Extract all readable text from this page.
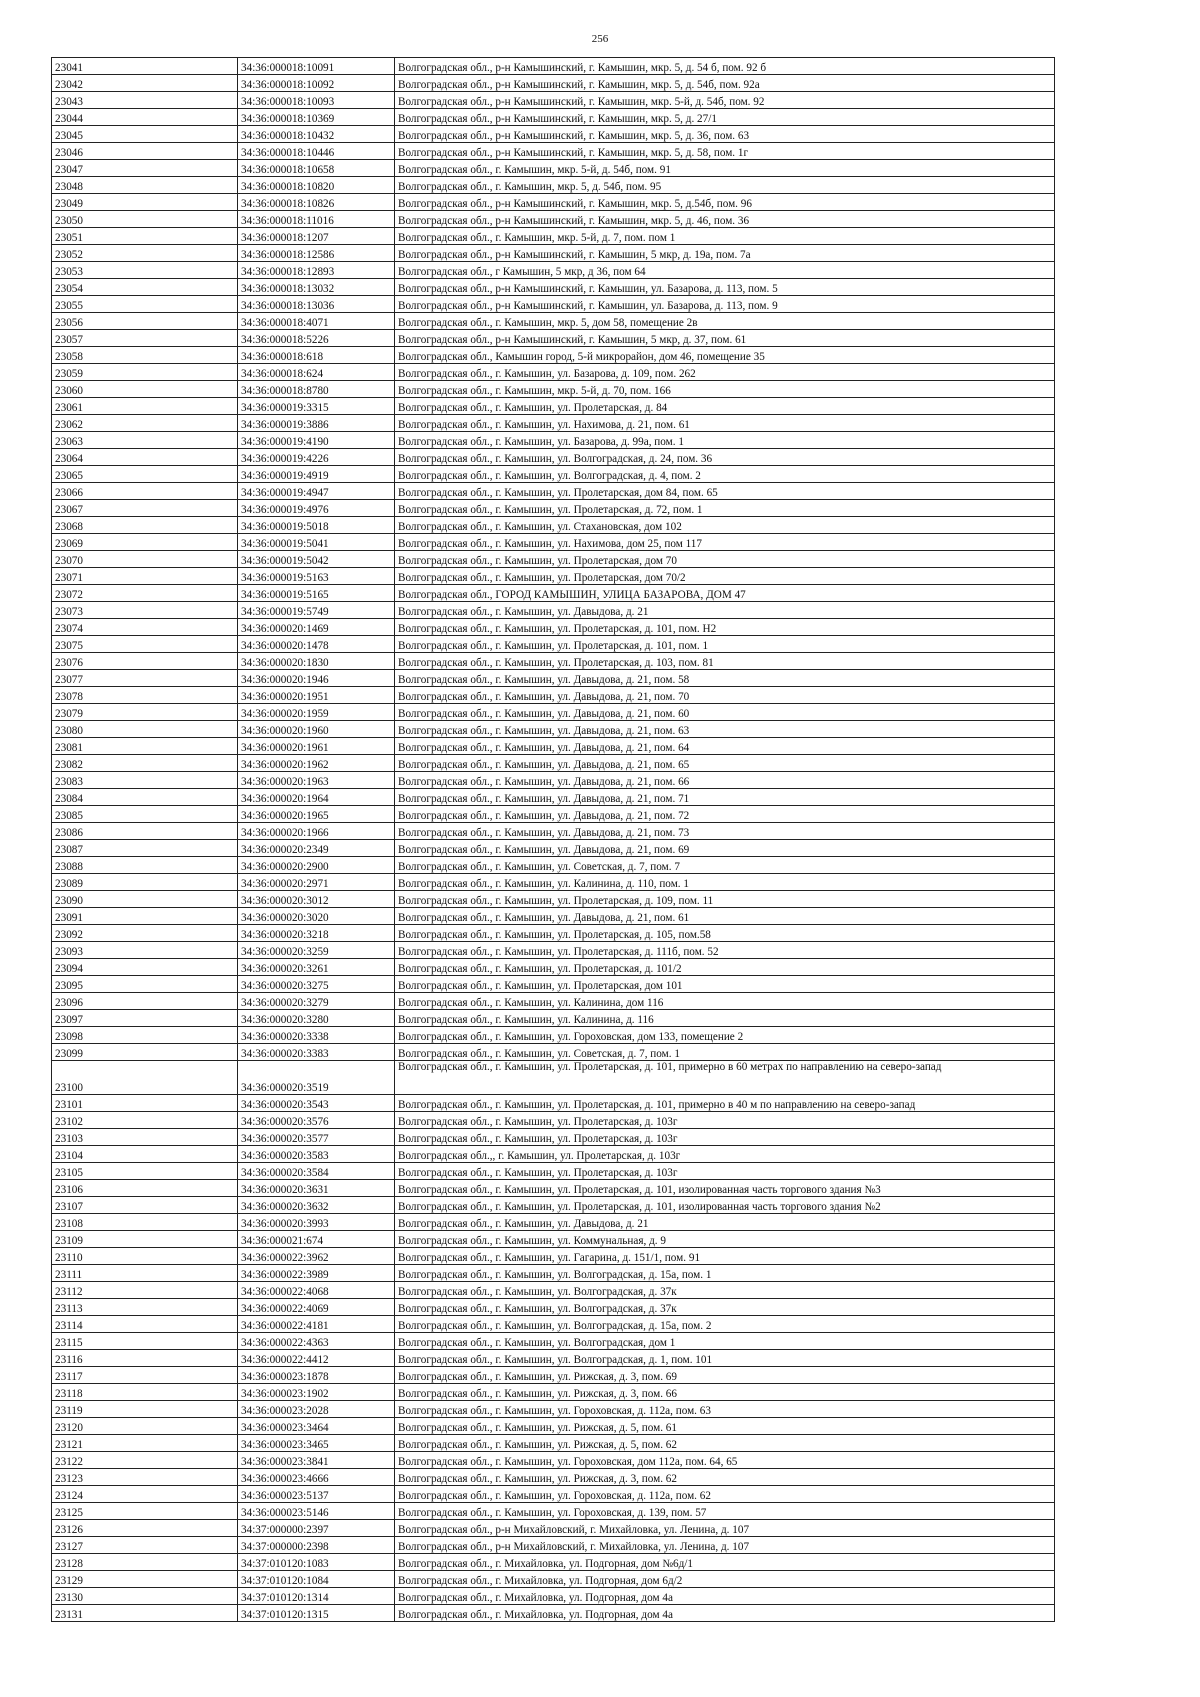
256
23041	34:36:000018:10091	Волгоградская обл., р-н Камышинский, г. Камышин, мкр. 5, д. 54 б, пом. 92 б
23042	34:36:000018:10092	Волгоградская обл., р-н Камышинский, г. Камышин, мкр. 5, д. 54б, пом. 92а
23043	34:36:000018:10093	Волгоградская обл., р-н Камышинский, г. Камышин, мкр. 5-й, д. 54б, пом. 92
23044	34:36:000018:10369	Волгоградская обл., р-н Камышинский, г. Камышин, мкр. 5, д. 27/1
23045	34:36:000018:10432	Волгоградская обл., р-н Камышинский, г. Камышин, мкр. 5, д. 36, пом. 63
23046	34:36:000018:10446	Волгоградская обл., р-н Камышинский, г. Камышин, мкр. 5, д. 58, пом. 1г
23047	34:36:000018:10658	Волгоградская обл., г. Камышин, мкр. 5-й, д. 54б, пом. 91
23048	34:36:000018:10820	Волгоградская обл., г. Камышин, мкр. 5, д. 54б, пом. 95
23049	34:36:000018:10826	Волгоградская обл., р-н Камышинский, г. Камышин, мкр. 5, д.54б, пом. 96
23050	34:36:000018:11016	Волгоградская обл., р-н Камышинский, г. Камышин, мкр. 5, д. 46, пом. 36
23051	34:36:000018:1207	Волгоградская обл., г. Камышин, мкр. 5-й, д. 7, пом. пом 1
23052	34:36:000018:12586	Волгоградская обл., р-н Камышинский, г. Камышин, 5 мкр, д. 19а, пом. 7а
23053	34:36:000018:12893	Волгоградская обл., г Камышин, 5 мкр, д 36, пом 64
23054	34:36:000018:13032	Волгоградская обл., р-н Камышинский, г. Камышин, ул. Базарова, д. 113, пом. 5
23055	34:36:000018:13036	Волгоградская обл., р-н Камышинский, г. Камышин, ул. Базарова, д. 113, пом. 9
23056	34:36:000018:4071	Волгоградская обл., г. Камышин, мкр. 5, дом 58, помещение 2в
23057	34:36:000018:5226	Волгоградская обл., р-н Камышинский, г. Камышин, 5 мкр, д. 37, пом. 61
23058	34:36:000018:618	Волгоградская обл., Камышин город, 5-й микрорайон, дом 46, помещение 35
23059	34:36:000018:624	Волгоградская обл., г. Камышин, ул. Базарова, д. 109, пом. 262
23060	34:36:000018:8780	Волгоградская обл., г. Камышин, мкр. 5-й, д. 70, пом. 166
23061	34:36:000019:3315	Волгоградская обл., г. Камышин, ул. Пролетарская, д. 84
23062	34:36:000019:3886	Волгоградская обл., г. Камышин, ул. Нахимова, д. 21, пом. 61
23063	34:36:000019:4190	Волгоградская обл., г. Камышин, ул. Базарова, д. 99а, пом. 1
23064	34:36:000019:4226	Волгоградская обл., г. Камышин, ул. Волгоградская, д. 24, пом. 36
23065	34:36:000019:4919	Волгоградская обл., г. Камышин, ул. Волгоградская, д. 4, пом. 2
23066	34:36:000019:4947	Волгоградская обл., г. Камышин, ул. Пролетарская, дом 84, пом. 65
23067	34:36:000019:4976	Волгоградская обл., г. Камышин, ул. Пролетарская, д. 72, пом. 1
23068	34:36:000019:5018	Волгоградская обл., г. Камышин, ул. Стахановская, дом 102
23069	34:36:000019:5041	Волгоградская обл., г. Камышин, ул. Нахимова, дом 25, пом 117
23070	34:36:000019:5042	Волгоградская обл., г. Камышин, ул. Пролетарская, дом 70
23071	34:36:000019:5163	Волгоградская обл., г. Камышин, ул. Пролетарская, дом 70/2
23072	34:36:000019:5165	Волгоградская обл., ГОРОД КАМЫШИН, УЛИЦА БАЗАРОВА, ДОМ 47
23073	34:36:000019:5749	Волгоградская обл., г. Камышин, ул. Давыдова, д. 21
23074	34:36:000020:1469	Волгоградская обл., г. Камышин, ул. Пролетарская, д. 101, пом. Н2
23075	34:36:000020:1478	Волгоградская обл., г. Камышин, ул. Пролетарская, д. 101, пом. 1
23076	34:36:000020:1830	Волгоградская обл., г. Камышин, ул. Пролетарская, д. 103, пом. 81
23077	34:36:000020:1946	Волгоградская обл., г. Камышин, ул. Давыдова, д. 21, пом. 58
23078	34:36:000020:1951	Волгоградская обл., г. Камышин, ул. Давыдова, д. 21, пом. 70
23079	34:36:000020:1959	Волгоградская обл., г. Камышин, ул. Давыдова, д. 21, пом. 60
23080	34:36:000020:1960	Волгоградская обл., г. Камышин, ул. Давыдова, д. 21, пом. 63
23081	34:36:000020:1961	Волгоградская обл., г. Камышин, ул. Давыдова, д. 21, пом. 64
23082	34:36:000020:1962	Волгоградская обл., г. Камышин, ул. Давыдова, д. 21, пом. 65
23083	34:36:000020:1963	Волгоградская обл., г. Камышин, ул. Давыдова, д. 21, пом. 66
23084	34:36:000020:1964	Волгоградская обл., г. Камышин, ул. Давыдова, д. 21, пом. 71
23085	34:36:000020:1965	Волгоградская обл., г. Камышин, ул. Давыдова, д. 21, пом. 72
23086	34:36:000020:1966	Волгоградская обл., г. Камышин, ул. Давыдова, д. 21, пом. 73
23087	34:36:000020:2349	Волгоградская обл., г. Камышин, ул. Давыдова, д. 21, пом. 69
23088	34:36:000020:2900	Волгоградская обл., г. Камышин, ул. Советская, д. 7, пом. 7
23089	34:36:000020:2971	Волгоградская обл., г. Камышин, ул. Калинина, д. 110, пом. 1
23090	34:36:000020:3012	Волгоградская обл., г. Камышин, ул. Пролетарская, д. 109, пом. 11
23091	34:36:000020:3020	Волгоградская обл., г. Камышин, ул. Давыдова, д. 21, пом. 61
23092	34:36:000020:3218	Волгоградская обл., г. Камышин, ул. Пролетарская, д. 105, пом.58
23093	34:36:000020:3259	Волгоградская обл., г. Камышин, ул. Пролетарская, д. 111б, пом. 52
23094	34:36:000020:3261	Волгоградская обл., г. Камышин, ул. Пролетарская, д. 101/2
23095	34:36:000020:3275	Волгоградская обл., г. Камышин, ул. Пролетарская, дом 101
23096	34:36:000020:3279	Волгоградская обл., г. Камышин, ул. Калинина, дом 116
23097	34:36:000020:3280	Волгоградская обл., г. Камышин, ул. Калинина, д. 116
23098	34:36:000020:3338	Волгоградская обл., г. Камышин, ул. Гороховская, дом 133, помещение 2
23099	34:36:000020:3383	Волгоградская обл., г. Камышин, ул. Советская, д. 7, пом. 1
23100	34:36:000020:3519	Волгоградская обл., г. Камышин, ул. Пролетарская, д. 101, примерно в 60 метрах по направлению на северо-запад
23101	34:36:000020:3543	Волгоградская обл., г. Камышин, ул. Пролетарская, д. 101, примерно в 40 м по направлению на северо-запад
23102	34:36:000020:3576	Волгоградская обл., г. Камышин, ул. Пролетарская, д. 103г
23103	34:36:000020:3577	Волгоградская обл., г. Камышин, ул. Пролетарская, д. 103г
23104	34:36:000020:3583	Волгоградская обл.,, г. Камышин, ул. Пролетарская, д. 103г
23105	34:36:000020:3584	Волгоградская обл., г. Камышин, ул. Пролетарская, д. 103г
23106	34:36:000020:3631	Волгоградская обл., г. Камышин, ул. Пролетарская, д. 101, изолированная часть торгового здания №3
23107	34:36:000020:3632	Волгоградская обл., г. Камышин, ул. Пролетарская, д. 101, изолированная часть торгового здания №2
23108	34:36:000020:3993	Волгоградская обл., г. Камышин, ул. Давыдова, д. 21
23109	34:36:000021:674	Волгоградская обл., г. Камышин, ул. Коммунальная, д. 9
23110	34:36:000022:3962	Волгоградская обл., г. Камышин, ул. Гагарина, д. 151/1, пом. 91
23111	34:36:000022:3989	Волгоградская обл., г. Камышин, ул. Волгоградская, д. 15а, пом. 1
23112	34:36:000022:4068	Волгоградская обл., г. Камышин, ул. Волгоградская, д. 37к
23113	34:36:000022:4069	Волгоградская обл., г. Камышин, ул. Волгоградская, д. 37к
23114	34:36:000022:4181	Волгоградская обл., г. Камышин, ул. Волгоградская, д. 15а, пом. 2
23115	34:36:000022:4363	Волгоградская обл., г. Камышин, ул. Волгоградская, дом 1
23116	34:36:000022:4412	Волгоградская обл., г. Камышин, ул. Волгоградская, д. 1, пом. 101
23117	34:36:000023:1878	Волгоградская обл., г. Камышин, ул. Рижская, д. 3, пом. 69
23118	34:36:000023:1902	Волгоградская обл., г. Камышин, ул. Рижская, д. 3, пом. 66
23119	34:36:000023:2028	Волгоградская обл., г. Камышин, ул. Гороховская, д. 112а, пом. 63
23120	34:36:000023:3464	Волгоградская обл., г. Камышин, ул. Рижская, д. 5, пом. 61
23121	34:36:000023:3465	Волгоградская обл., г. Камышин, ул. Рижская, д. 5, пом. 62
23122	34:36:000023:3841	Волгоградская обл., г. Камышин, ул. Гороховская, дом 112а, пом. 64, 65
23123	34:36:000023:4666	Волгоградская обл., г. Камышин, ул. Рижская, д. 3, пом. 62
23124	34:36:000023:5137	Волгоградская обл., г. Камышин, ул. Гороховская, д. 112а, пом. 62
23125	34:36:000023:5146	Волгоградская обл., г. Камышин, ул. Гороховская, д. 139, пом. 57
23126	34:37:000000:2397	Волгоградская обл., р-н Михайловский, г. Михайловка, ул. Ленина, д. 107
23127	34:37:000000:2398	Волгоградская обл., р-н Михайловский, г. Михайловка, ул. Ленина, д. 107
23128	34:37:010120:1083	Волгоградская обл., г. Михайловка, ул. Подгорная, дом №6д/1
23129	34:37:010120:1084	Волгоградская обл., г. Михайловка, ул. Подгорная, дом 6д/2
23130	34:37:010120:1314	Волгоградская обл., г. Михайловка, ул. Подгорная, дом 4а
23131	34:37:010120:1315	Волгоградская обл., г. Михайловка, ул. Подгорная, дом 4а
